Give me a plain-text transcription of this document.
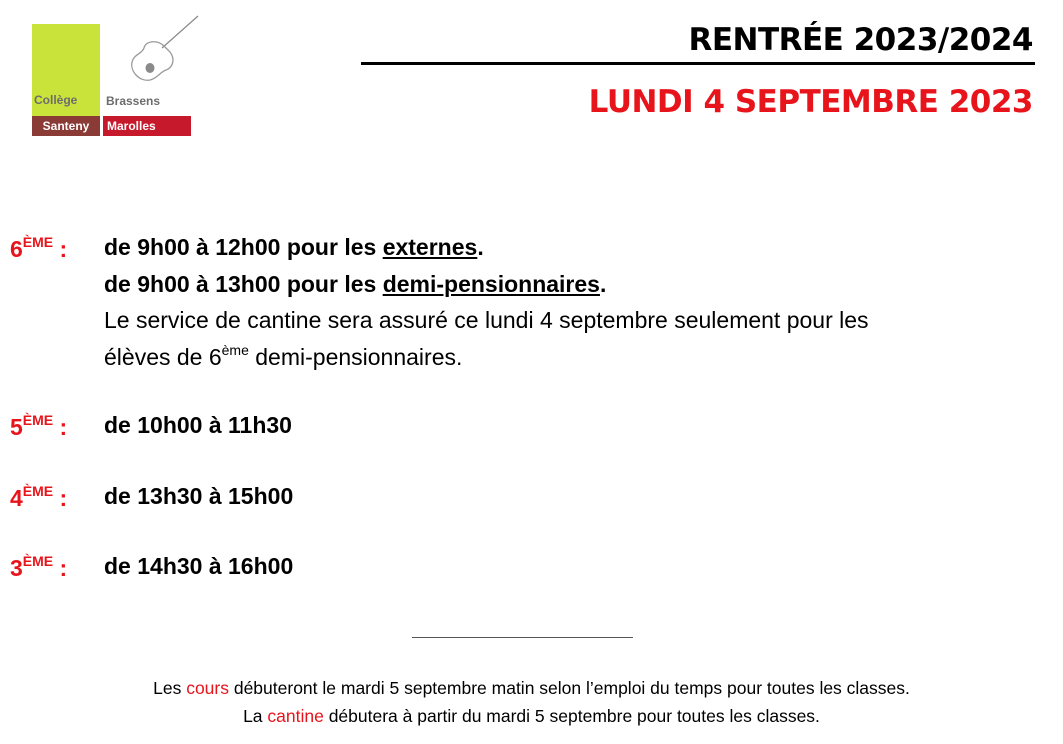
Collège Brassens
Santeny	Marolles
RENTRÉE 2023/2024
LUNDI 4 SEPTEMBRE 2023
6ÈME : de 9h00 à 12h00 pour les externes.
de 9h00 à 13h00 pour les demi-pensionnaires.
Le service de cantine sera assuré ce lundi 4 septembre seulement pour les
élèves de 6ème demi-pensionnaires.
5ÈME : de 10h00 à 11h30
4ÈME : de 13h30 à 15h00
3ÈME : de 14h30 à 16h00
Les cours débuteront le mardi 5 septembre matin selon l’emploi du temps pour toutes les classes.
La cantine débutera à partir du mardi 5 septembre pour toutes les classes.
